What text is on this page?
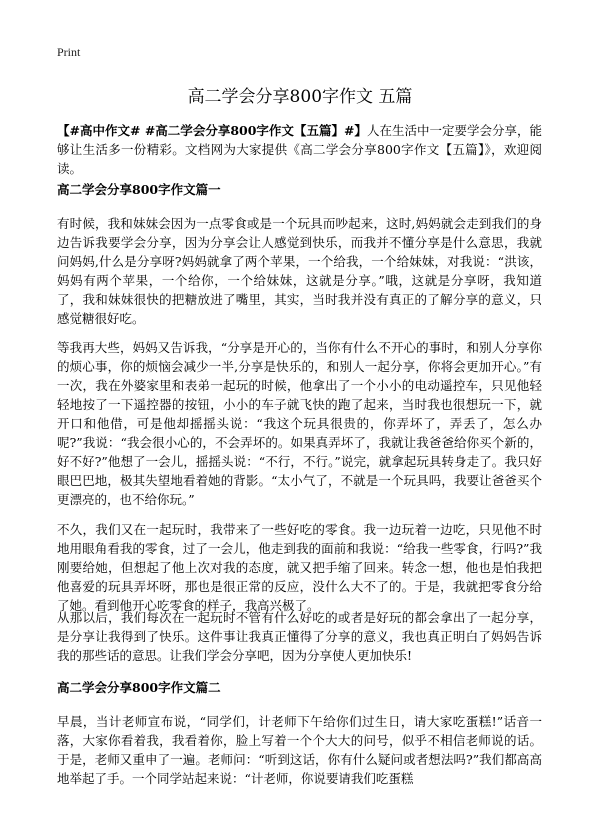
Print
高二学会分享800字作文 五篇
【#高中作文# #高二学会分享800字作文【五篇】#】人在生活中一定要学会分享，能够让生活多一份精彩。文档网为大家提供《高二学会分享800字作文【五篇】》，欢迎阅读。
高二学会分享800字作文篇一

有时候，我和妹妹会因为一点零食或是一个玩具而吵起来，这时,妈妈就会走到我们的身边告诉我要学会分享，因为分享会让人感觉到快乐，而我并不懂分享是什么意思，我就问妈妈,什么是分享呀?妈妈就拿了两个苹果，一个给我，一个给妹妹，对我说：“洪该，妈妈有两个苹果，一个给你，一个给妹妹，这就是分享。”哦，这就是分享呀，我知道了，我和妹妹很快的把糖放进了嘴里，其实，当时我并没有真正的了解分享的意义，只感觉糖很好吃。

等我再大些，妈妈又告诉我，“分享是开心的，当你有什么不开心的事时，和别人分享你的烦心事，你的烦恼会减少一半,分享是快乐的，和别人一起分享，你将会更加开心。”有一次，我在外婆家里和表弟一起玩的时候，他拿出了一个小小的电动遥控车，只见他轻轻地按了一下遥控器的按钮，小小的车子就飞快的跑了起来，当时我也很想玩一下，就开口和他借，可是他却摇摇头说：“我这个玩具很贵的，你弄坏了，弄丢了，怎么办呢?”我说：“我会很小心的，不会弄坏的。如果真弄坏了，我就让我爸爸给你买个新的，好不好?”他想了一会儿，摇摇头说：“不行，不行。”说完，就拿起玩具转身走了。我只好眼巴巴地，极其失望地看着她的背影。“太小气了，不就是一个玩具吗，我要让爸爸买个更漂亮的，也不给你玩。”

不久，我们又在一起玩时，我带来了一些好吃的零食。我一边玩着一边吃，只见他不时地用眼角看我的零食，过了一会儿，他走到我的面前和我说：“给我一些零食，行吗?”我刚要给她，但想起了他上次对我的态度，就又把手缩了回来。转念一想，他也是怕我把他喜爱的玩具弄坏呀，那也是很正常的反应，没什么大不了的。于是，我就把零食分给了她。看到他开心吃零食的样子，我高兴极了。

从那以后，我们每次在一起玩时不管有什么好吃的或者是好玩的都会拿出了一起分享，是分享让我得到了快乐。这件事让我真正懂得了分享的意义，我也真正明白了妈妈告诉我的那些话的意思。让我们学会分享吧，因为分享使人更加快乐!

高二学会分享800字作文篇二

早晨，当计老师宣布说，“同学们，计老师下午给你们过生日，请大家吃蛋糕!”话音一落，大家你看着我，我看着你，脸上写着一个个大大的问号，似乎不相信老师说的话。于是，老师又重申了一遍。老师问：“听到这话，你有什么疑问或者想法吗?”我们都高高地举起了手。一个同学站起来说：“计老师，你说要请我们吃蛋糕
